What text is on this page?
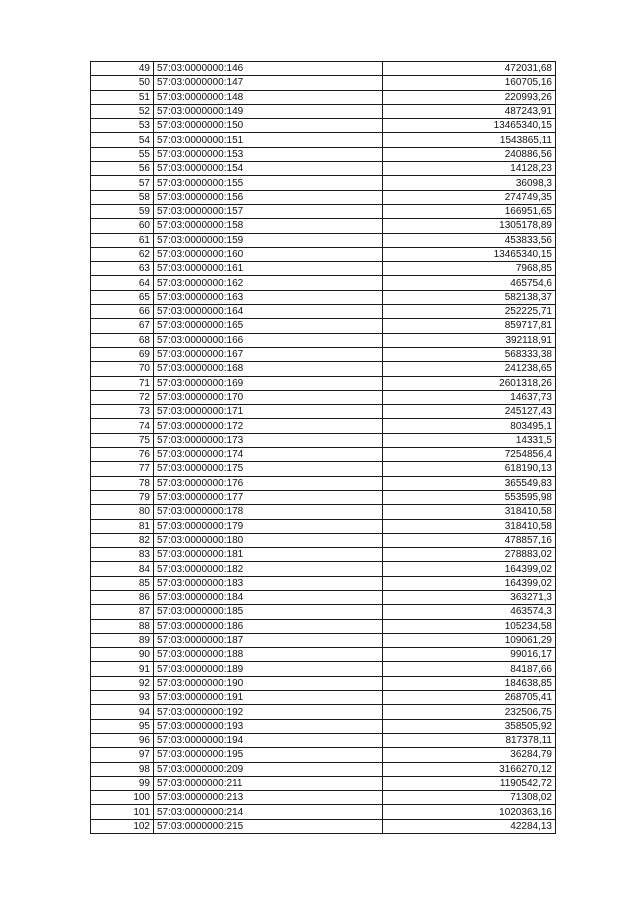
49	57:03:0000000:146	472031,68
50	57:03:0000000:147	160705,16
51	57:03:0000000:148	220993,26
52	57:03:0000000:149	487243,91
53	57:03:0000000:150	13465340,15
54	57:03:0000000:151	1543865,11
55	57:03:0000000:153	240886,56
56	57:03:0000000:154	14128,23
57	57:03:0000000:155	36098,3
58	57:03:0000000:156	274749,35
59	57:03:0000000:157	166951,65
60	57:03:0000000:158	1305178,89
61	57:03:0000000:159	453833,56
62	57:03:0000000:160	13465340,15
63	57:03:0000000:161	7968,85
64	57:03:0000000:162	465754,6
65	57:03:0000000:163	582138,37
66	57:03:0000000:164	252225,71
67	57:03:0000000:165	859717,81
68	57:03:0000000:166	392118,91
69	57:03:0000000:167	568333,38
70	57:03:0000000:168	241238,65
71	57:03:0000000:169	2601318,26
72	57:03:0000000:170	14637,73
73	57:03:0000000:171	245127,43
74	57:03:0000000:172	803495,1
75	57:03:0000000:173	14331,5
76	57:03:0000000:174	7254856,4
77	57:03:0000000:175	618190,13
78	57:03:0000000:176	365549,83
79	57:03:0000000:177	553595,98
80	57:03:0000000:178	318410,58
81	57:03:0000000:179	318410,58
82	57:03:0000000:180	478857,16
83	57:03:0000000:181	278883,02
84	57:03:0000000:182	164399,02
85	57:03:0000000:183	164399,02
86	57:03:0000000:184	363271,3
87	57:03:0000000:185	463574,3
88	57:03:0000000:186	105234,58
89	57:03:0000000:187	109061,29
90	57:03:0000000:188	99016,17
91	57:03:0000000:189	84187,66
92	57:03:0000000:190	184638,85
93	57:03:0000000:191	268705,41
94	57:03:0000000:192	232506,75
95	57:03:0000000:193	358505,92
96	57:03:0000000:194	817378,11
97	57:03:0000000:195	36284,79
98	57:03:0000000:209	3166270,12
99	57:03:0000000:211	1190542,72
100	57:03:0000000:213	71308,02
101	57:03:0000000:214	1020363,16
102	57:03:0000000:215	42284,13
